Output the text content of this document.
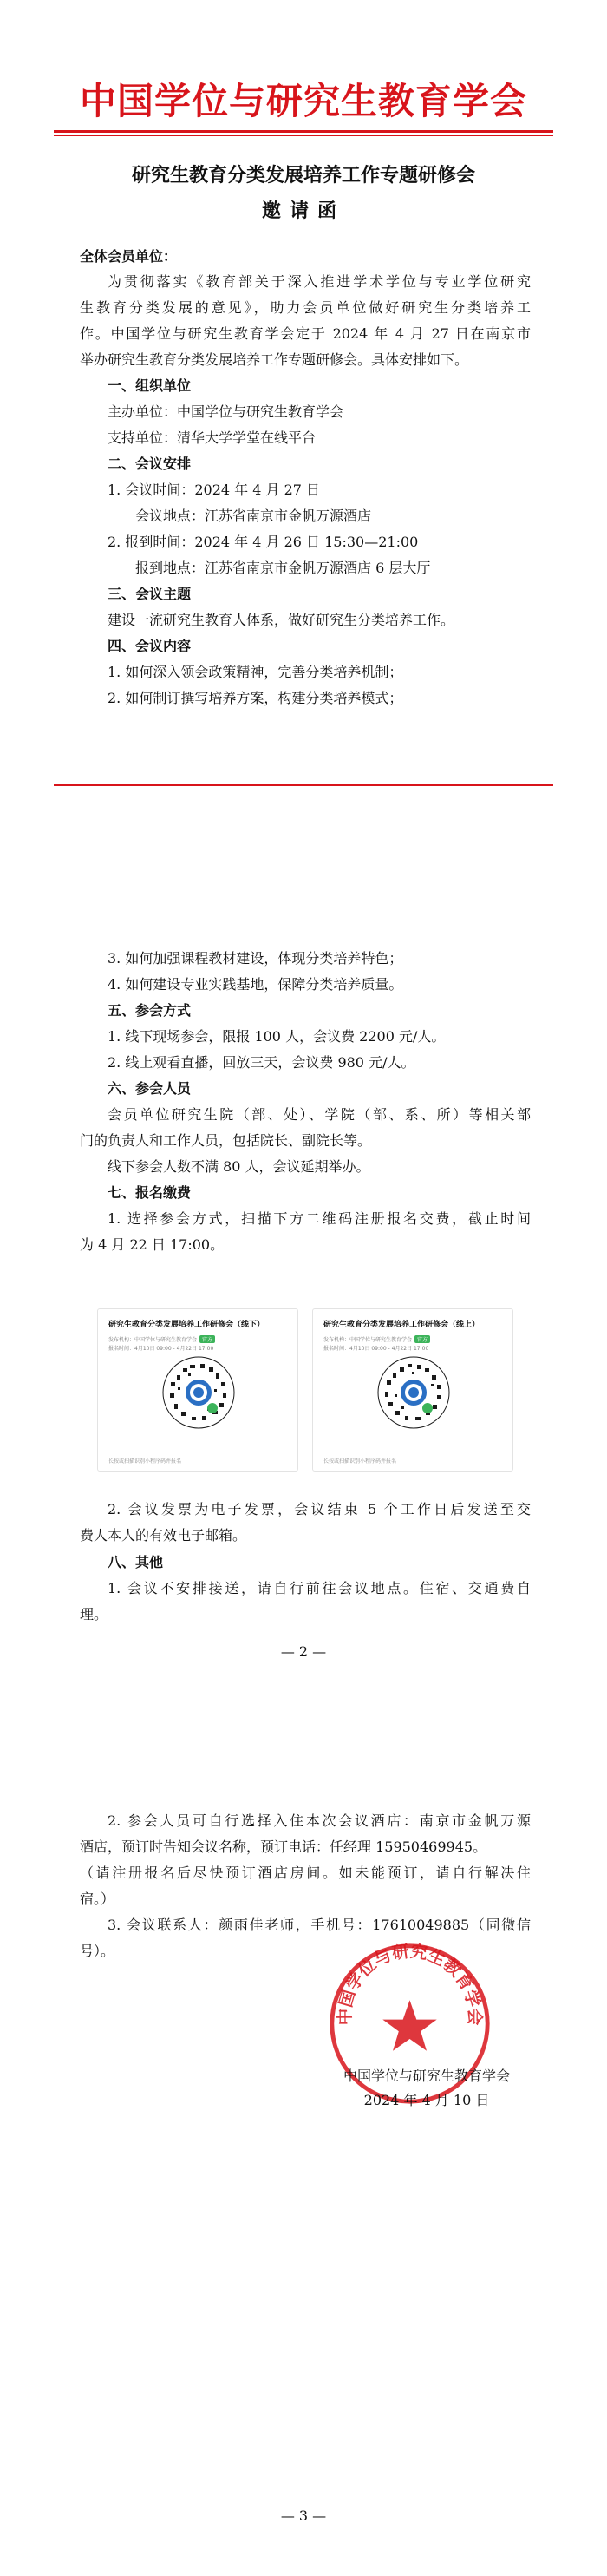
中国学位与研究生教育学会
研究生教育分类发展培养工作专题研修会
邀请函
全体会员单位：
为贯彻落实《教育部关于深入推进学术学位与专业学位研究
生教育分类发展的意见》，助力会员单位做好研究生分类培养工
作。中国学位与研究生教育学会定于 2024 年 4 月 27 日在南京市
举办研究生教育分类发展培养工作专题研修会。具体安排如下。
一、组织单位
主办单位：中国学位与研究生教育学会
支持单位：清华大学学堂在线平台
二、会议安排
1. 会议时间：2024 年 4 月 27 日
会议地点：江苏省南京市金帆万源酒店
2. 报到时间：2024 年 4 月 26 日 15:30—21:00
报到地点：江苏省南京市金帆万源酒店 6 层大厅
三、会议主题
建设一流研究生教育人体系，做好研究生分类培养工作。
四、会议内容
1. 如何深入领会政策精神，完善分类培养机制；
2. 如何制订撰写培养方案，构建分类培养模式；
3. 如何加强课程教材建设，体现分类培养特色；
4. 如何建设专业实践基地，保障分类培养质量。
五、参会方式
1. 线下现场参会，限报 100 人，会议费 2200 元/人。
2. 线上观看直播，回放三天，会议费 980 元/人。
六、参会人员
会员单位研究生院（部、处）、学院（部、系、所）等相关部
门的负责人和工作人员，包括院长、副院长等。
线下参会人数不满 80 人，会议延期举办。
七、报名缴费
1. 选择参会方式，扫描下方二维码注册报名交费，截止时间
为 4 月 22 日 17:00。
研究生教育分类发展培养工作研修会（线下）
发布机构：中国学位与研究生教育学会 官方
报名时间：4月10日 09:00 - 4月22日 17:00
长按或扫描识别小程序码并报名
研究生教育分类发展培养工作研修会（线上）
发布机构：中国学位与研究生教育学会 官方
报名时间：4月10日 09:00 - 4月22日 17:00
长按或扫描识别小程序码并报名
2. 会议发票为电子发票，会议结束 5 个工作日后发送至交
费人本人的有效电子邮箱。
八、其他
1. 会议不安排接送，请自行前往会议地点。住宿、交通费自
理。
— 2 —
2. 参会人员可自行选择入住本次会议酒店：南京市金帆万源
酒店，预订时告知会议名称，预订电话：任经理 15950469945。
（请注册报名后尽快预订酒店房间。如未能预订，请自行解决住
宿。）
3. 会议联系人：颜雨佳老师，手机号：17610049885（同微信
号）。
中国学位与研究生教育学会
中国学位与研究生教育学会
2024 年 4 月 10 日
— 3 —
